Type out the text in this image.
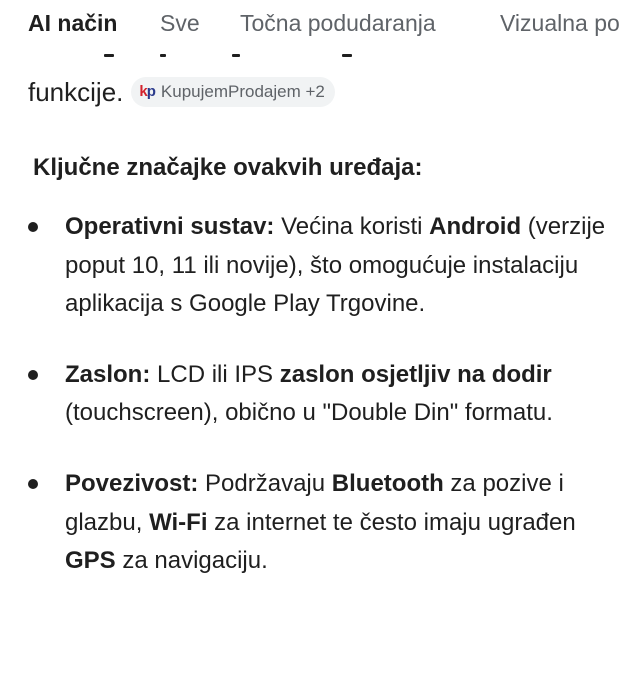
AI način Sve Točna podudaranja	Vizualna po
funkcije. kp KupujemProdajem +2
Ključne značajke ovakvih uređaja:
Operativni sustav: Većina koristi Android (verzije poput 10, 11 ili novije), što omogućuje instalaciju aplikacija s Google Play Trgovine.
Zaslon: LCD ili IPS zaslon osjetljiv na dodir (touchscreen), obično u "Double Din" formatu.
Povezivost: Podržavaju Bluetooth za pozive i glazbu, Wi-Fi za internet te često imaju ugrađen GPS za navigaciju.
